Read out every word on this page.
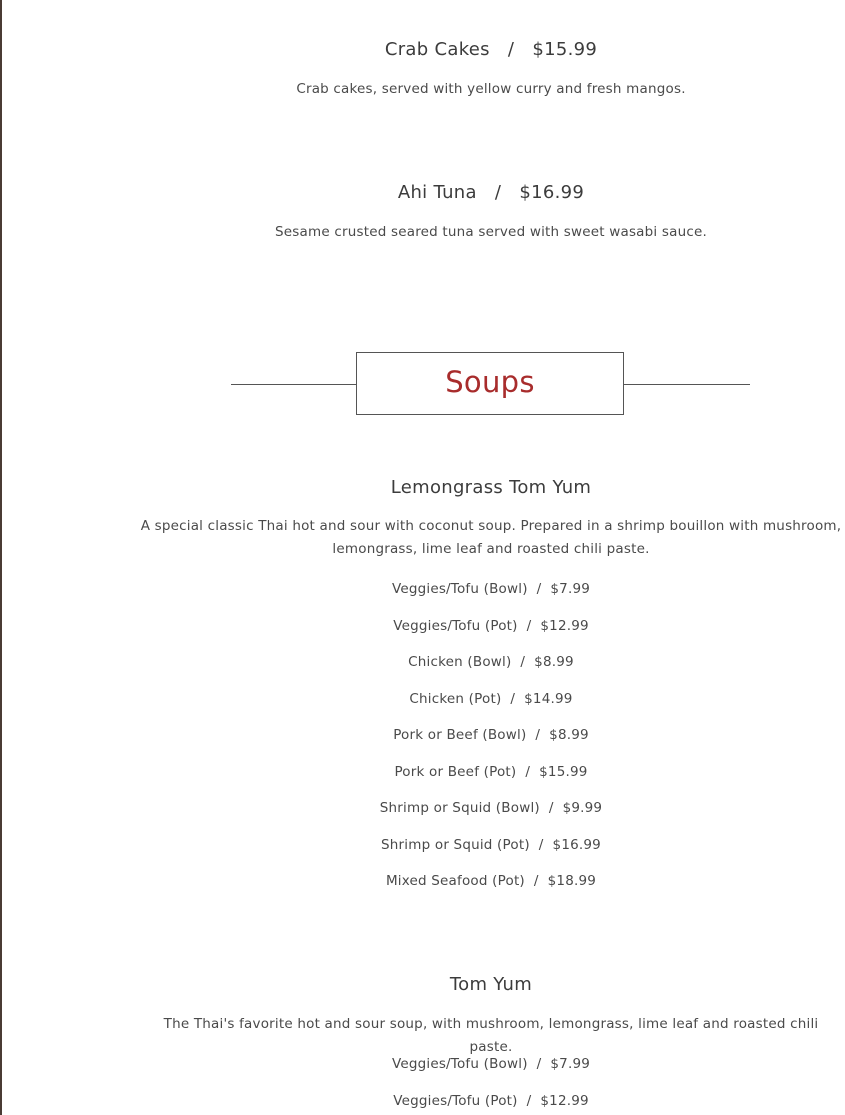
Crab Cakes / $15.99
Crab cakes, served with yellow curry and fresh mangos.
Ahi Tuna / $16.99
Sesame crusted seared tuna served with sweet wasabi sauce.
Soups
Lemongrass Tom Yum
A special classic Thai hot and sour with coconut soup. Prepared in a shrimp bouillon with mushroom,
lemongrass, lime leaf and roasted chili paste.
Veggies/Tofu (Bowl)  /  $7.99
Veggies/Tofu (Pot)  /  $12.99
Chicken (Bowl)  /  $8.99
Chicken (Pot)  /  $14.99
Pork or Beef (Bowl)  /  $8.99
Pork or Beef (Pot)  /  $15.99
Shrimp or Squid (Bowl)  /  $9.99
Shrimp or Squid (Pot)  /  $16.99
Mixed Seafood (Pot)  /  $18.99
Tom Yum
The Thai's favorite hot and sour soup, with mushroom, lemongrass, lime leaf and roasted chili paste.
Veggies/Tofu (Bowl)  /  $7.99
Veggies/Tofu (Pot)  /  $12.99
